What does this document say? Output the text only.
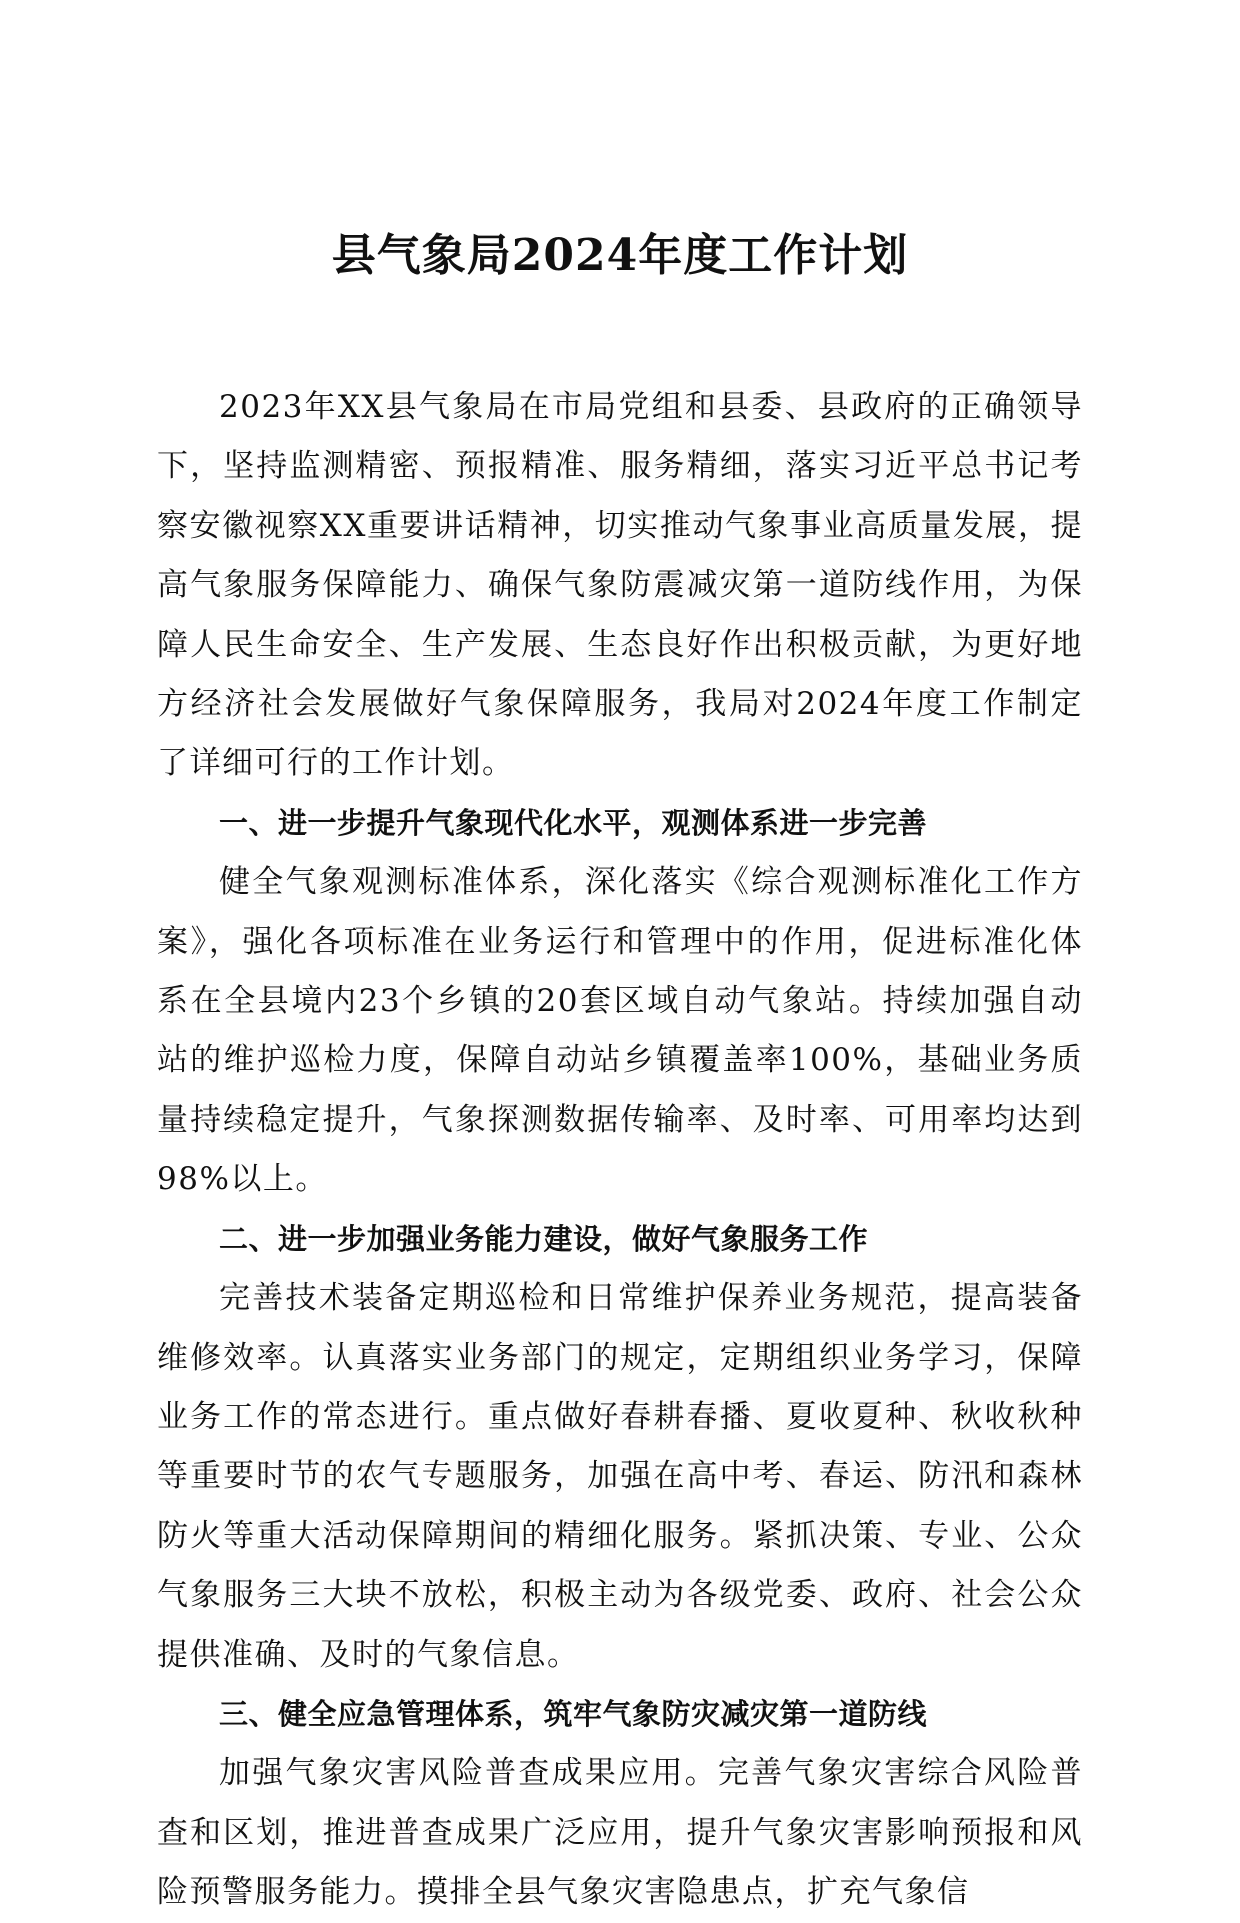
县气象局2024年度工作计划

2023年XX县气象局在市局党组和县委、县政府的正确领导下，坚持监测精密、预报精准、服务精细，落实习近平总书记考察安徽视察XX重要讲话精神，切实推动气象事业高质量发展，提高气象服务保障能力、确保气象防震减灾第一道防线作用，为保障人民生命安全、生产发展、生态良好作出积极贡献，为更好地方经济社会发展做好气象保障服务，我局对2024年度工作制定了详细可行的工作计划。

一、进一步提升气象现代化水平，观测体系进一步完善

健全气象观测标准体系，深化落实《综合观测标准化工作方案》，强化各项标准在业务运行和管理中的作用，促进标准化体系在全县境内23个乡镇的20套区域自动气象站。持续加强自动站的维护巡检力度，保障自动站乡镇覆盖率100%，基础业务质量持续稳定提升，气象探测数据传输率、及时率、可用率均达到98%以上。

二、进一步加强业务能力建设，做好气象服务工作

完善技术装备定期巡检和日常维护保养业务规范，提高装备维修效率。认真落实业务部门的规定，定期组织业务学习，保障业务工作的常态进行。重点做好春耕春播、夏收夏种、秋收秋种等重要时节的农气专题服务，加强在高中考、春运、防汛和森林防火等重大活动保障期间的精细化服务。紧抓决策、专业、公众气象服务三大块不放松，积极主动为各级党委、政府、社会公众提供准确、及时的气象信息。

三、健全应急管理体系，筑牢气象防灾减灾第一道防线

加强气象灾害风险普查成果应用。完善气象灾害综合风险普查和区划，推进普查成果广泛应用，提升气象灾害影响预报和风险预警服务能力。摸排全县气象灾害隐患点，扩充气象信
